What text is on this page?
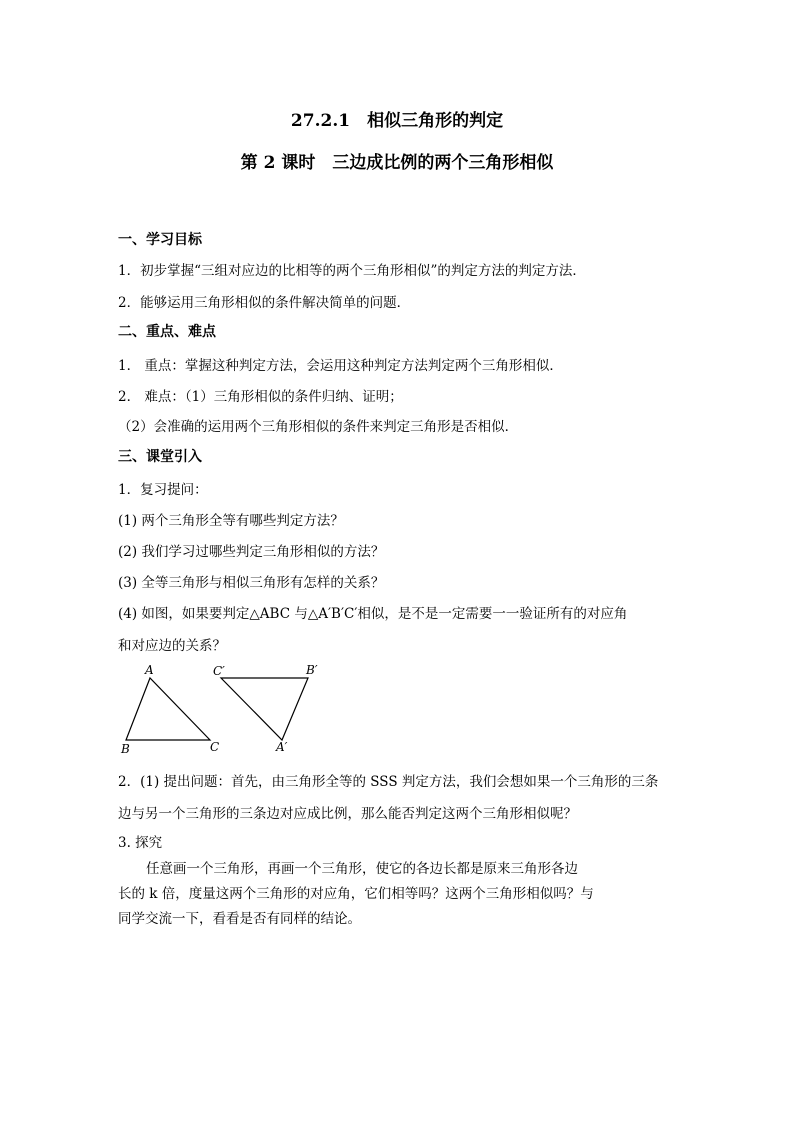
27.2.1　相似三角形的判定
第 2 课时　三边成比例的两个三角形相似
一、学习目标
1．初步掌握“三组对应边的比相等的两个三角形相似”的判定方法的判定方法．
2．能够运用三角形相似的条件解决简单的问题．
二、重点、难点
1． 重点：掌握这种判定方法，会运用这种判定方法判定两个三角形相似．
2． 难点：（1）三角形相似的条件归纳、证明；
（2）会准确的运用两个三角形相似的条件来判定三角形是否相似．
三、课堂引入
1．复习提问：
(1) 两个三角形全等有哪些判定方法？
(2) 我们学习过哪些判定三角形相似的方法？
(3) 全等三角形与相似三角形有怎样的关系？
(4) 如图，如果要判定△ABC 与△A′B′C′相似，是不是一定需要一一验证所有的对应角
和对应边的关系？
A
B	C
C′	B′
A′
2．(1) 提出问题：首先，由三角形全等的 SSS 判定方法，我们会想如果一个三角形的三条
边与另一个三角形的三条边对应成比例，那么能否判定这两个三角形相似呢？
3. 探究
任意画一个三角形，再画一个三角形，使它的各边长都是原来三角形各边
长的 k 倍，度量这两个三角形的对应角，它们相等吗？这两个三角形相似吗？与
同学交流一下，看看是否有同样的结论。
